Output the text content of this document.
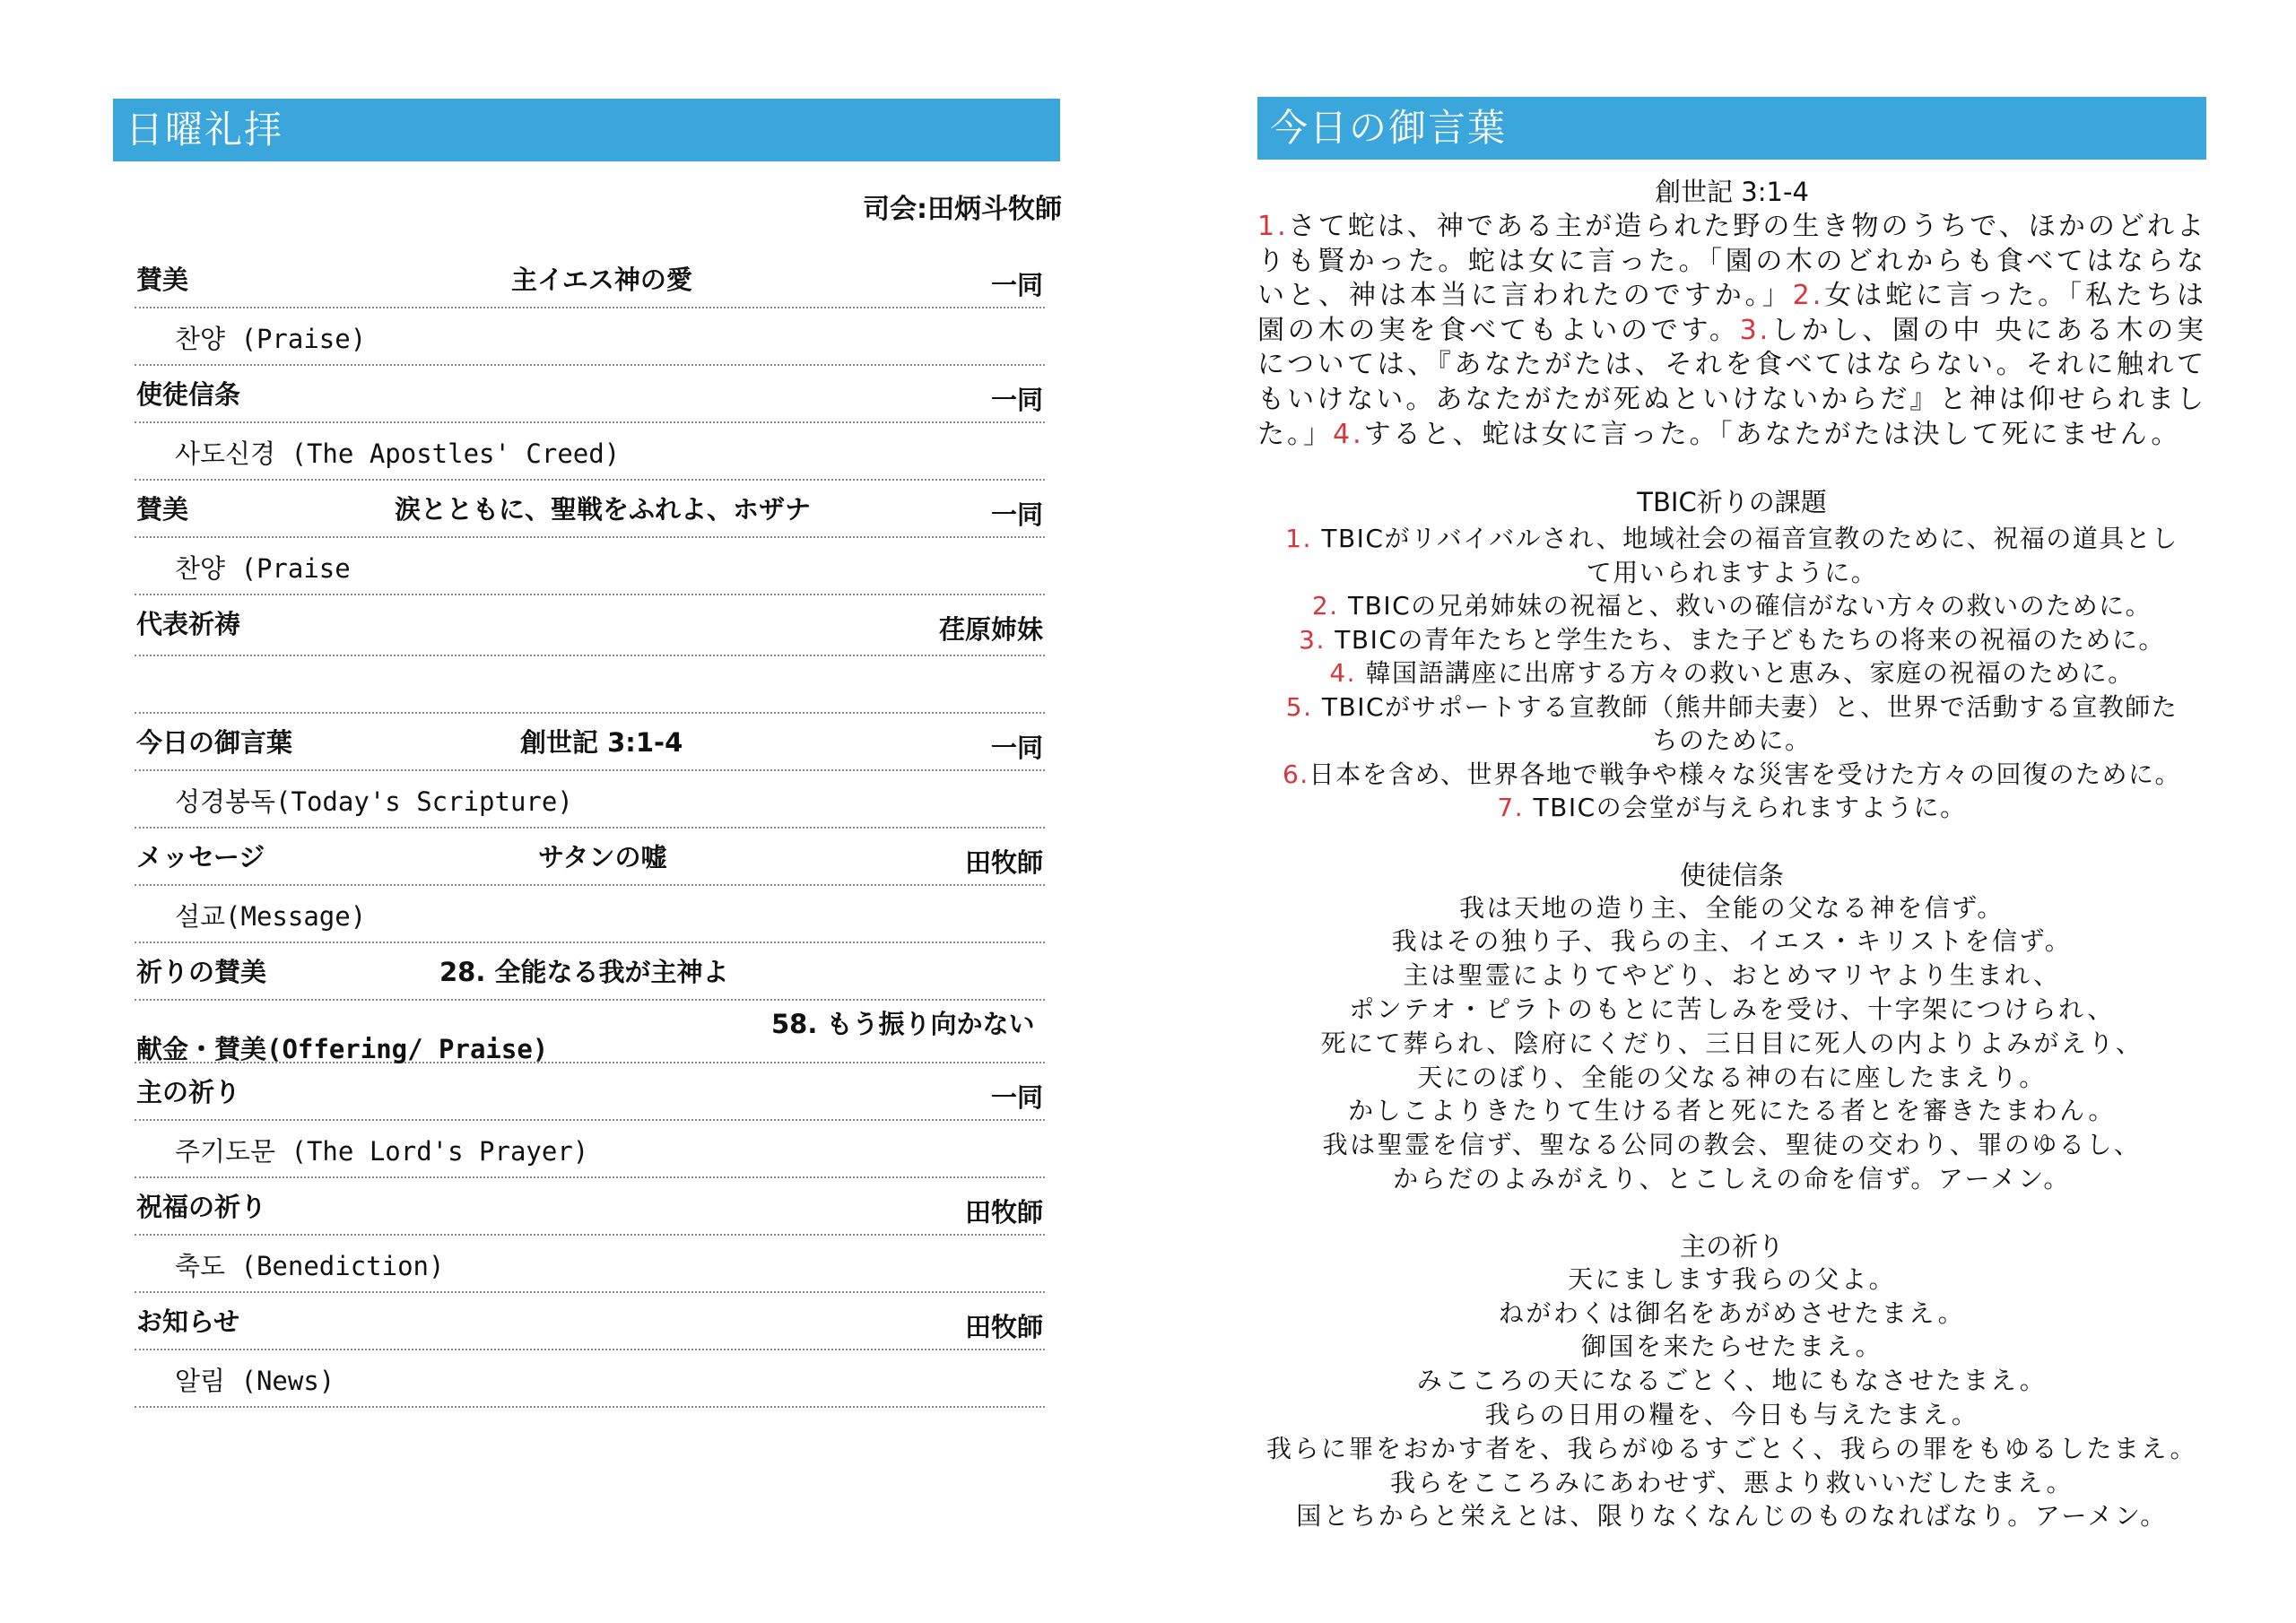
日曜礼拝
司会:田炳斗牧師
賛美	主イエス神の愛	一同
찬양 (Praise)
使徒信条	一同
사도신경 (The Apostles' Creed)
賛美	涙とともに、聖戦をふれよ、ホザナ	一同
찬양 (Praise
代表祈祷	荏原姉妹
今日の御言葉	創世記 3:1-4	一同
성경봉독(Today's Scripture)
メッセージ	サタンの嘘	田牧師
설교(Message)
祈りの賛美	28. 全能なる我が主神よ
献金・賛美(Offering/ Praise)
58. もう振り向かない
主の祈り	一同
주기도문 (The Lord's Prayer)
祝福の祈り	田牧師
축도 (Benediction)
お知らせ	田牧師
알림 (News)
今日の御言葉
創世記 3:1-4
1.さて蛇は、神である主が造られた野の生き物のうちで、ほかのどれよりも賢かった。蛇は女に言った。「園の木のどれからも食べてはならないと、神は本当に言われたのですか。」2.女は蛇に言った。「私たちは園の木の実を食べてもよいのです。3.しかし、園の中 央にある木の実については、『あなたがたは、それを食べてはならない。それに触れてもいけない。あなたがたが死ぬといけないからだ』と神は仰せられました。」4.すると、蛇は女に言った。「あなたがたは決して死にません。
TBIC祈りの課題
1. TBICがリバイバルされ、地域社会の福音宣教のために、祝福の道具とし
て用いられますように。
2. TBICの兄弟姉妹の祝福と、救いの確信がない方々の救いのために。
3. TBICの青年たちと学生たち、また子どもたちの将来の祝福のために。
4. 韓国語講座に出席する方々の救いと恵み、家庭の祝福のために。
5. TBICがサポートする宣教師（熊井師夫妻）と、世界で活動する宣教師た
ちのために。
6.日本を含め、世界各地で戦争や様々な災害を受けた方々の回復のために。
7. TBICの会堂が与えられますように。
使徒信条
我は天地の造り主、全能の父なる神を信ず。
我はその独り子、我らの主、イエス・キリストを信ず。
主は聖霊によりてやどり、おとめマリヤより生まれ、
ポンテオ・ピラトのもとに苦しみを受け、十字架につけられ、
死にて葬られ、陰府にくだり、三日目に死人の内よりよみがえり、
天にのぼり、全能の父なる神の右に座したまえり。
かしこよりきたりて生ける者と死にたる者とを審きたまわん。
我は聖霊を信ず、聖なる公同の教会、聖徒の交わり、罪のゆるし、
からだのよみがえり、とこしえの命を信ず。アーメン。
主の祈り
天にまします我らの父よ。
ねがわくは御名をあがめさせたまえ。
御国を来たらせたまえ。
みこころの天になるごとく、地にもなさせたまえ。
我らの日用の糧を、今日も与えたまえ。
我らに罪をおかす者を、我らがゆるすごとく、我らの罪をもゆるしたまえ。
我らをこころみにあわせず、悪より救いいだしたまえ。
国とちからと栄えとは、限りなくなんじのものなればなり。アーメン。
